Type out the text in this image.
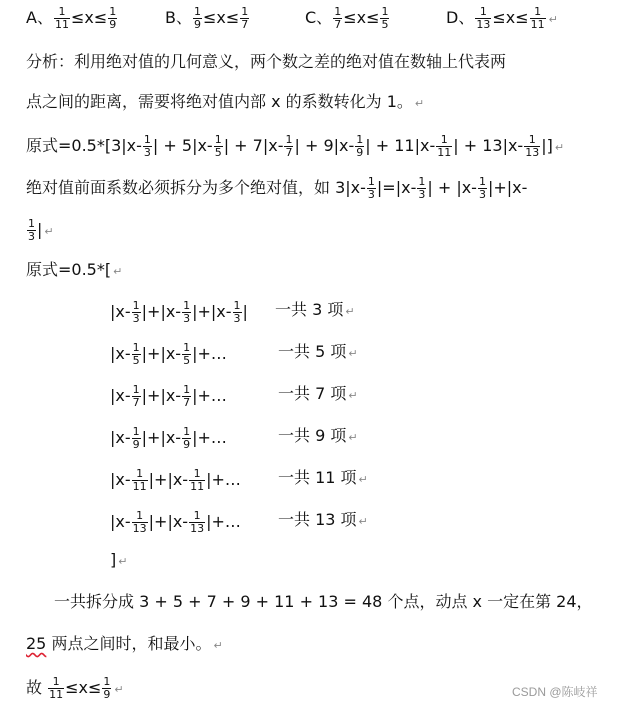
A、 $\frac{1}{11} \le x\le \frac{1}{9}$	B、 $\frac{1}{9} \le x\le \frac{1}{7}$	C、 $\frac{1}{7} \le x\le \frac{1}{5}$	D、 $\frac{1}{13} \le x\le \frac{1}{11}$ ↵
分析：利用绝对值的几何意义，两个数之差的绝对值在数轴上代表两
点之间的距离，需要将绝对值内部 x 的系数转化为 1。 ↵
原式$=0.5*[3|x- \frac{1}{3}$ | + $5|x- \frac{1}{5}$ | + $7|x- \frac{1}{7}$ | + $9|x- \frac{1}{9}$ | + $11|x- \frac{1}{11}$ | + $13|x- \frac{1}{13}$ |] ↵
绝对值前面系数必须拆分为多个绝对值，如 $3|x- \frac{1}{3} |=|x- \frac{1}{3}$ | + $|x- \frac{1}{3} |+|x-$
$\frac{1}{3}$ | ↵
原式=0.5*[ ↵
$|x- \frac{1}{3} |+|x- \frac{1}{3} |+|x- \frac{1}{3}$ | 一共 3 项 ↵
$|x- \frac{1}{5} |+|x- \frac{1}{5}$ |+…	一共 5 项 ↵
$|x- \frac{1}{7} |+|x- \frac{1}{7}$ |+…	一共 7 项 ↵
$|x- \frac{1}{9} |+|x- \frac{1}{9}$ |+…	一共 9 项 ↵
$|x- \frac{1}{11} |+|x- \frac{1}{11}$ |+… 一共 11 项 ↵
$|x- \frac{1}{13} |+|x- \frac{1}{13}$ |+… 一共 13 项 ↵
] ↵
一共拆分成 3 + 5 + 7 + 9 + 11 + 13 = 48 个点，动点 x 一定在第 24，
25 两点之间时，和最小。 ↵
故 $\frac{1}{11} \le x\le \frac{1}{9}$ ↵	CSDN @陈岐祥
